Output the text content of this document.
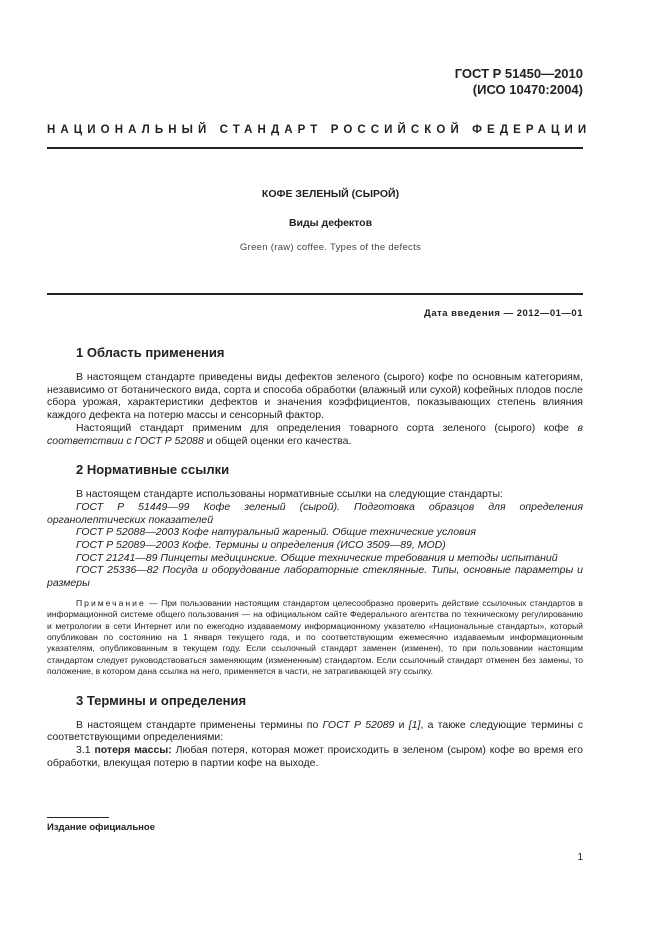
ГОСТ Р 51450—2010
(ИСО 10470:2004)
НАЦИОНАЛЬНЫЙ СТАНДАРТ РОССИЙСКОЙ ФЕДЕРАЦИИ
КОФЕ ЗЕЛЕНЫЙ (СЫРОЙ)
Виды дефектов
Green (raw) coffee. Types of the defects
Дата введения — 2012—01—01
1 Область применения

В настоящем стандарте приведены виды дефектов зеленого (сырого) кофе по основным категориям, независимо от ботанического вида, сорта и способа обработки (влажный или сухой) кофейных плодов после сбора урожая, характеристики дефектов и значения коэффициентов, показывающих степень влияния каждого дефекта на потерю массы и сенсорный фактор.

Настоящий стандарт применим для определения товарного сорта зеленого (сырого) кофе в соответствии с ГОСТ Р 52088 и общей оценки его качества.

2 Нормативные ссылки

В настоящем стандарте использованы нормативные ссылки на следующие стандарты:

ГОСТ Р 51449—99 Кофе зеленый (сырой). Подготовка образцов для определения органолептических показателей

ГОСТ Р 52088—2003 Кофе натуральный жареный. Общие технические условия

ГОСТ Р 52089—2003 Кофе. Термины и определения (ИСО 3509—89, MOD)

ГОСТ 21241—89 Пинцеты медицинские. Общие технические требования и методы испытаний

ГОСТ 25336—82 Посуда и оборудование лабораторные стеклянные. Типы, основные параметры и размеры

Примечание — При пользовании настоящим стандартом целесообразно проверить действие ссылочных стандартов в информационной системе общего пользования — на официальном сайте Федерального агентства по техническому регулированию и метрологии в сети Интернет или по ежегодно издаваемому информационному указателю «Национальные стандарты», который опубликован по состоянию на 1 января текущего года, и по соответствующим ежемесячно издаваемым информационным указателям, опубликованным в текущем году. Если ссылочный стандарт заменен (изменен), то при пользовании настоящим стандартом следует руководствоваться заменяющим (измененным) стандартом. Если ссылочный стандарт отменен без замены, то положение, в котором дана ссылка на него, применяется в части, не затрагивающей эту ссылку.

3 Термины и определения

В настоящем стандарте применены термины по ГОСТ Р 52089 и [1], а также следующие термины с соответствующими определениями:

3.1 потеря массы: Любая потеря, которая может происходить в зеленом (сыром) кофе во время его обработки, влекущая потерю в партии кофе на выходе.

Издание официальное
1
